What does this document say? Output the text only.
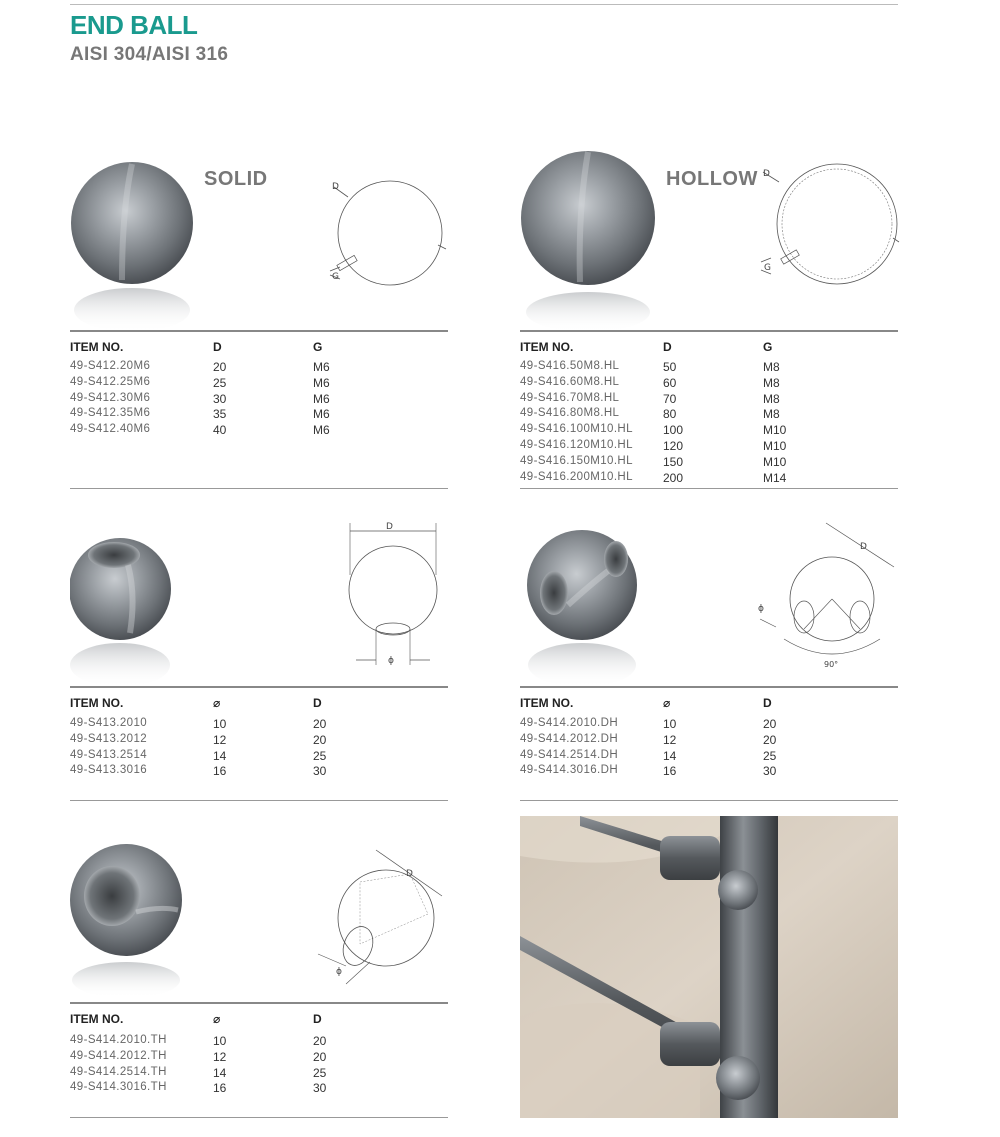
END BALL
AISI 304/AISI 316
SOLID	D
G
ITEM NO.	D	G
49-S412.20M6	20	M6
49-S412.25M6	25	M6
49-S412.30M6	30	M6
49-S412.35M6	35	M6
49-S412.40M6	40	M6
HOLLOW D
G
ITEM NO.	D	G
49-S416.50M8.HL	50	M8
49-S416.60M8.HL	60	M8
49-S416.70M8.HL	70	M8
49-S416.80M8.HL	80	M8
49-S416.100M10.HL	100	M10
49-S416.120M10.HL	120	M10
49-S416.150M10.HL	150	M10
49-S416.200M10.HL	200	M14
D
ϕ
ITEM NO.	⌀	D
49-S413.2010	10	20
49-S413.2012	12	20
49-S413.2514	14	25
49-S413.3016	16	30
D
90°
ϕ
ITEM NO.	⌀	D
49-S414.2010.DH	10	20
49-S414.2012.DH	12	20
49-S414.2514.DH	14	25
49-S414.3016.DH	16	30
D
ϕ
ITEM NO.	⌀	D
49-S414.2010.TH	10	20
49-S414.2012.TH	12	20
49-S414.2514.TH	14	25
49-S414.3016.TH	16	30
